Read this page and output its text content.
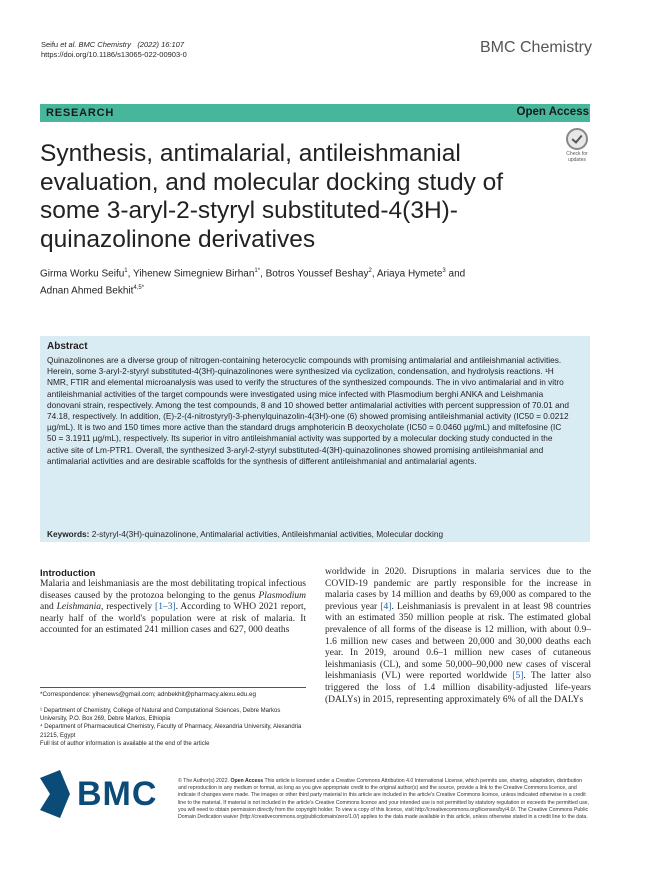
Seifu et al. BMC Chemistry (2022) 16:107
https://doi.org/10.1186/s13065-022-00903-0	BMC Chemistry
RESEARCH	Open Access
Check for
updates
Synthesis, antimalarial, antileishmanial evaluation, and molecular docking study of some 3-aryl-2-styryl substituted-4(3H)-quinazolinone derivatives
Girma Worku Seifu$^1$, Yihenew Simegniew Birhan$^{1*}$, Botros Youssef Beshay$^2$, Ariaya Hymete$^3$ and
Adnan Ahmed Bekhit$^{4,5*}$
Abstract
Quinazolinones are a diverse group of nitrogen-containing heterocyclic compounds with promising antimalarial and antileishmanial activities. Herein, some 3-aryl-2-styryl substituted-4(3H)-quinazolinones were synthesized via cyclization, condensation, and hydrolysis reactions. ¹H NMR, FTIR and elemental microanalysis was used to verify the structures of the synthesized compounds. The in vivo antimalarial and in vitro antileishmanial activities of the target compounds were investigated using mice infected with Plasmodium berghi ANKA and Leishmania donovani strain, respectively. Among the test compounds, 8 and 10 showed better antimalarial activities with percent suppression of 70.01 and 74.18, respectively. In addition, (E)-2-(4-nitrostyryl)-3-phenylquinazolin-4(3H)-one (6) showed promising antileishmanial activity (IC50 = 0.0212 µg/mL). It is two and 150 times more active than the standard drugs amphotericin B deoxycholate (IC50 = 0.0460 µg/mL) and miltefosine (IC 50 = 3.1911 µg/mL), respectively. Its superior in vitro antileishmanial activity was supported by a molecular docking study conducted in the active site of Lm-PTR1. Overall, the synthesized 3-aryl-2-styryl substituted-4(3H)-quinazolinones showed promising antileishmanial and antimalarial activities and are desirable scaffolds for the synthesis of different antileishmanial and antimalarial agents.
Keywords: 2-styryl-4(3H)-quinazolinone, Antimalarial activities, Antileishmanial activities, Molecular docking
Introduction
Malaria and leishmaniasis are the most debilitating tropical infectious diseases caused by the protozoa belonging to the genus Plasmodium and Leishmania, respectively [1–3]. According to WHO 2021 report, nearly half of the world's population were at risk of malaria. It accounted for an estimated 241 million cases and 627, 000 deaths
worldwide in 2020. Disruptions in malaria services due to the COVID-19 pandemic are partly responsible for the increase in malaria cases by 14 million and deaths by 69,000 as compared to the previous year [4]. Leishmaniasis is prevalent in at least 98 countries with an estimated 350 million people at risk. The estimated global prevalence of all forms of the disease is 12 million, with about 0.9–1.6 million new cases and between 20,000 and 30,000 deaths each year. In 2019, around 0.6–1 million new cases of cutaneous leishmaniasis (CL), and some 50,000–90,000 new cases of visceral leishmaniasis (VL) were reported worldwide [5]. The latter also triggered the loss of 1.4 million disability-adjusted life-years (DALYs) in 2015, representing approximately 6% of all the DALYs
*Correspondence: yihenews@gmail.com; adnbekhit@pharmacy.alexu.edu.eg
¹ Department of Chemistry, College of Natural and Computational Sciences, Debre Markos University, P.O. Box 269, Debre Markos, Ethiopia
⁴ Department of Pharmaceutical Chemistry, Faculty of Pharmacy, Alexandria University, Alexandria 21215, Egypt
Full list of author information is available at the end of the article
BMC	© The Author(s) 2022. Open Access This article is licensed under a Creative Commons Attribution 4.0 International License, which permits use, sharing, adaptation, distribution and reproduction in any medium or format, as long as you give appropriate credit to the original author(s) and the source, provide a link to the Creative Commons licence, and indicate if changes were made. The images or other third party material in this article are included in the article's Creative Commons licence, unless indicated otherwise in a credit line to the material. If material is not included in the article's Creative Commons licence and your intended use is not permitted by statutory regulation or exceeds the permitted use, you will need to obtain permission directly from the copyright holder. To view a copy of this licence, visit http://creativecommons.org/licenses/by/4.0/. The Creative Commons Public Domain Dedication waiver (http://creativecommons.org/publicdomain/zero/1.0/) applies to the data made available in this article, unless otherwise stated in a credit line to the data.
